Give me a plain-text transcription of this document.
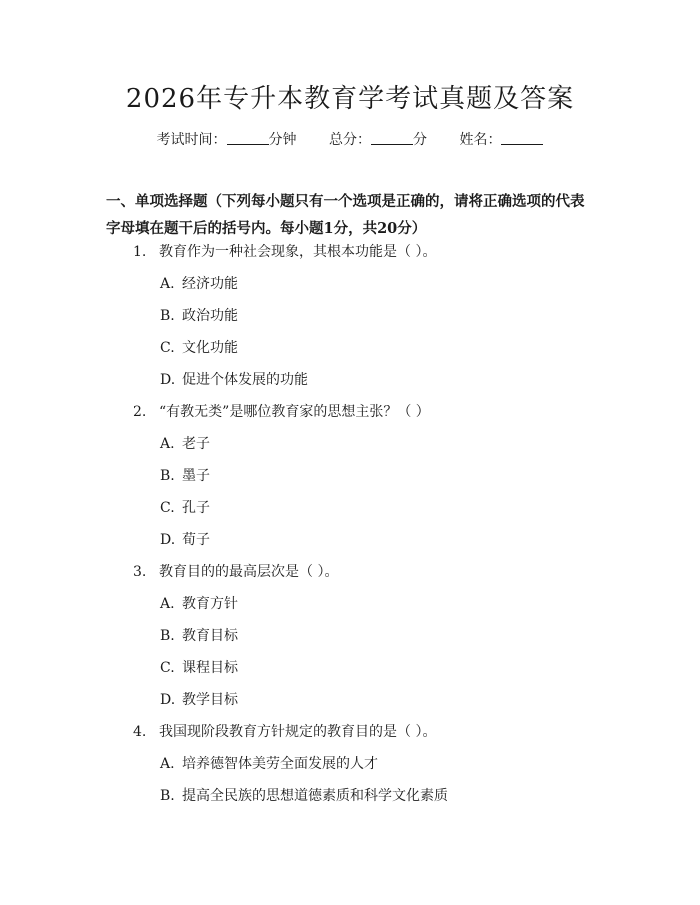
2026年专升本教育学考试真题及答案
考试时间：	分钟 总分：	分 姓名：
一、单项选择题（下列每小题只有一个选项是正确的，请将正确选项的代表字母填在题干后的括号内。每小题1分，共20分）
1. 教育作为一种社会现象，其根本功能是（ ）。
A. 经济功能
B. 政治功能
C. 文化功能
D. 促进个体发展的功能
2. “有教无类”是哪位教育家的思想主张？（ ）
A. 老子
B. 墨子
C. 孔子
D. 荀子
3. 教育目的的最高层次是（ ）。
A. 教育方针
B. 教育目标
C. 课程目标
D. 教学目标
4. 我国现阶段教育方针规定的教育目的是（ ）。
A. 培养德智体美劳全面发展的人才
B. 提高全民族的思想道德素质和科学文化素质
